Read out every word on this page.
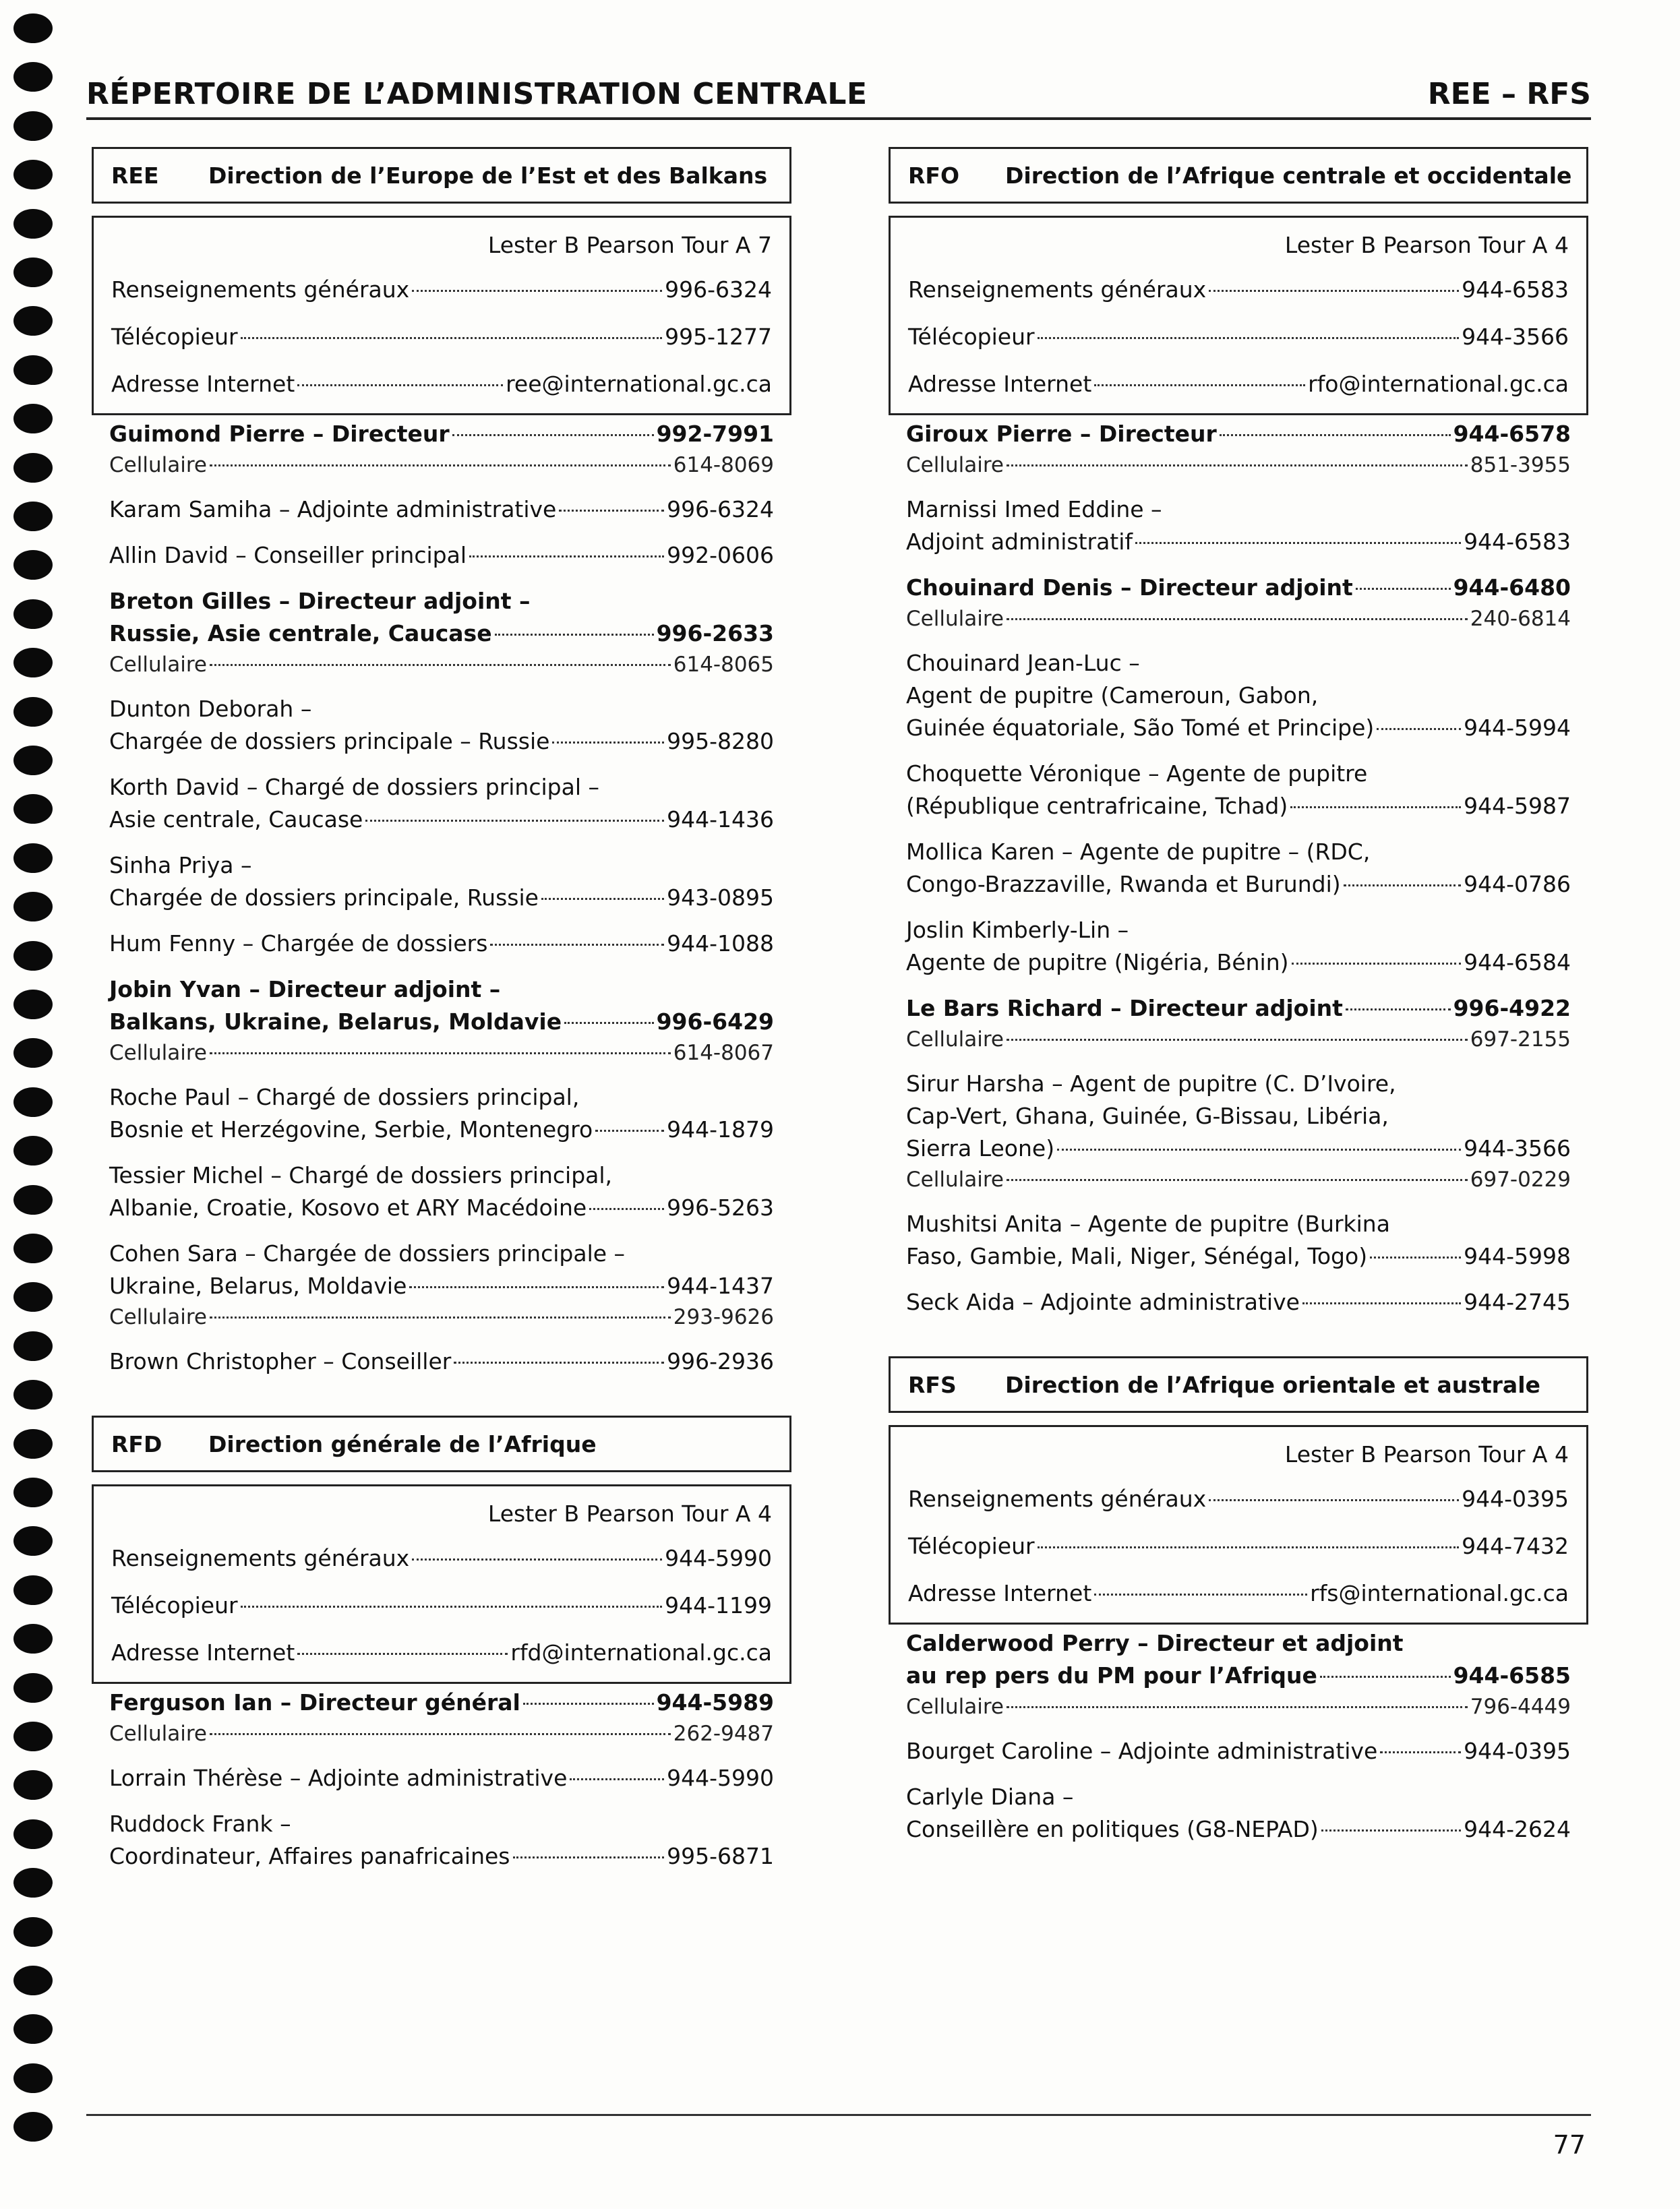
RÉPERTOIRE DE L’ADMINISTRATION CENTRALE	REE – RFS
REE	Direction de l’Europe de l’Est et des Balkans
Lester B Pearson Tour A 7
Renseignements généraux	996-6324
Télécopieur	995-1277
Adresse Internet	ree@international.gc.ca
Guimond Pierre – Directeur	992-7991
Cellulaire	614-8069
Karam Samiha – Adjointe administrative	996-6324
Allin David – Conseiller principal	992-0606
Breton Gilles – Directeur adjoint –
Russie, Asie centrale, Caucase	996-2633
Cellulaire	614-8065
Dunton Deborah –
Chargée de dossiers principale – Russie	995-8280
Korth David – Chargé de dossiers principal –
Asie centrale, Caucase	944-1436
Sinha Priya –
Chargée de dossiers principale, Russie	943-0895
Hum Fenny – Chargée de dossiers	944-1088
Jobin Yvan – Directeur adjoint –
Balkans, Ukraine, Belarus, Moldavie	996-6429
Cellulaire	614-8067
Roche Paul – Chargé de dossiers principal,
Bosnie et Herzégovine, Serbie, Montenegro	944-1879
Tessier Michel – Chargé de dossiers principal,
Albanie, Croatie, Kosovo et ARY Macédoine	996-5263
Cohen Sara – Chargée de dossiers principale –
Ukraine, Belarus, Moldavie	944-1437
Cellulaire	293-9626
Brown Christopher – Conseiller	996-2936
RFD	Direction générale de l’Afrique
Lester B Pearson Tour A 4
Renseignements généraux	944-5990
Télécopieur	944-1199
Adresse Internet	rfd@international.gc.ca
Ferguson Ian – Directeur général	944-5989
Cellulaire	262-9487
Lorrain Thérèse – Adjointe administrative	944-5990
Ruddock Frank –
Coordinateur, Affaires panafricaines	995-6871
RFO	Direction de l’Afrique centrale et occidentale
Lester B Pearson Tour A 4
Renseignements généraux	944-6583
Télécopieur	944-3566
Adresse Internet	rfo@international.gc.ca
Giroux Pierre – Directeur	944-6578
Cellulaire	851-3955
Marnissi Imed Eddine –
Adjoint administratif	944-6583
Chouinard Denis – Directeur adjoint	944-6480
Cellulaire	240-6814
Chouinard Jean-Luc –
Agent de pupitre (Cameroun, Gabon,
Guinée équatoriale, São Tomé et Principe)	944-5994
Choquette Véronique – Agente de pupitre
(République centrafricaine, Tchad)	944-5987
Mollica Karen – Agente de pupitre – (RDC,
Congo-Brazzaville, Rwanda et Burundi)	944-0786
Joslin Kimberly-Lin –
Agente de pupitre (Nigéria, Bénin)	944-6584
Le Bars Richard – Directeur adjoint	996-4922
Cellulaire	697-2155
Sirur Harsha – Agent de pupitre (C. D’Ivoire,
Cap-Vert, Ghana, Guinée, G-Bissau, Libéria,
Sierra Leone)	944-3566
Cellulaire	697-0229
Mushitsi Anita – Agente de pupitre (Burkina
Faso, Gambie, Mali, Niger, Sénégal, Togo)	944-5998
Seck Aida – Adjointe administrative	944-2745
RFS	Direction de l’Afrique orientale et australe
Lester B Pearson Tour A 4
Renseignements généraux	944-0395
Télécopieur	944-7432
Adresse Internet	rfs@international.gc.ca
Calderwood Perry – Directeur et adjoint
au rep pers du PM pour l’Afrique	944-6585
Cellulaire	796-4449
Bourget Caroline – Adjointe administrative	944-0395
Carlyle Diana –
Conseillère en politiques (G8-NEPAD)	944-2624
77
